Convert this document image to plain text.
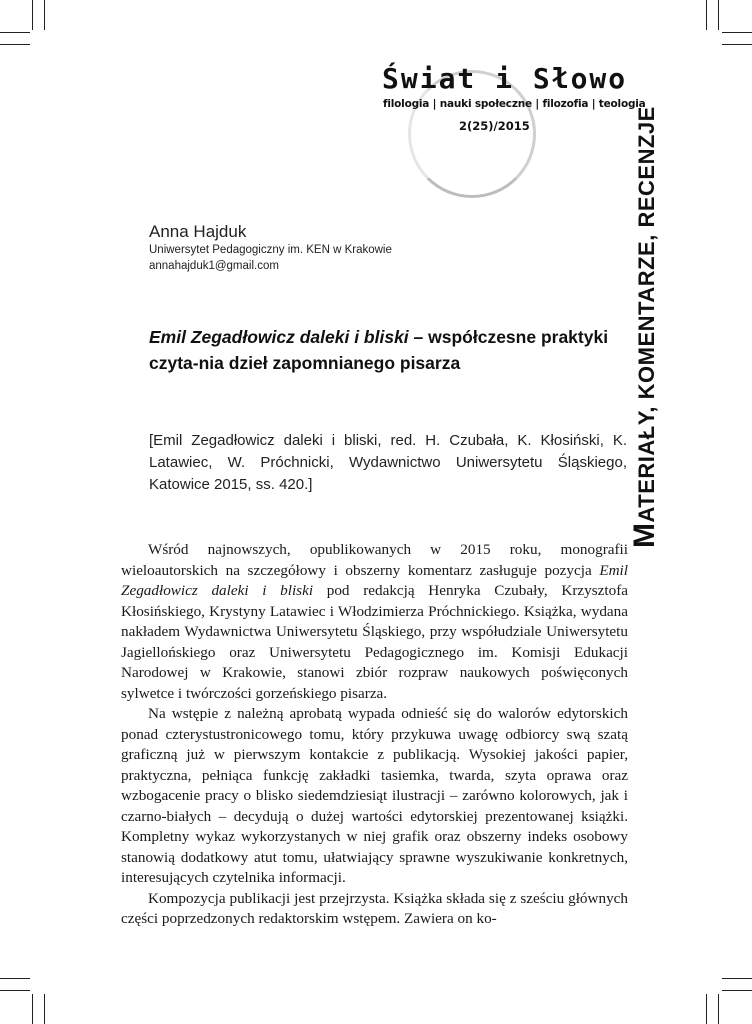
Świat i Słowo
filologia | nauki społeczne | filozofia | teologia
2(25)/2015
MATERIAŁY, KOMENTARZE, RECENZJE
Anna Hajduk
Uniwersytet Pedagogiczny im. KEN w Krakowie
annahajduk1@gmail.com
Emil Zegadłowicz daleki i bliski – współczesne praktyki czyta-nia dzieł zapomnianego pisarza
[Emil Zegadłowicz daleki i bliski, red. H. Czubała, K. Kłosiński, K. Latawiec, W. Próchnicki, Wydawnictwo Uniwersytetu Śląskiego, Katowice 2015, ss. 420.]

Wśród najnowszych, opublikowanych w 2015 roku, monografii wieloautorskich na szczegółowy i obszerny komentarz zasługuje pozycja Emil Zegadłowicz daleki i bliski pod redakcją Henryka Czubały, Krzysztofa Kłosińskiego, Krystyny Latawiec i Włodzimierza Próchnickiego. Książka, wydana nakładem Wydawnictwa Uniwersytetu Śląskiego, przy współudziale Uniwersytetu Jagiellońskiego oraz Uniwersytetu Pedagogicznego im. Komisji Edukacji Narodowej w Krakowie, stanowi zbiór rozpraw naukowych poświęconych sylwetce i twórczości gorzeńskiego pisarza.

Na wstępie z należną aprobatą wypada odnieść się do walorów edytorskich ponad czterystustronicowego tomu, który przykuwa uwagę odbiorcy swą szatą graficzną już w pierwszym kontakcie z publikacją. Wysokiej jakości papier, praktyczna, pełniąca funkcję zakładki tasiemka, twarda, szyta oprawa oraz wzbogacenie pracy o blisko siedemdziesiąt ilustracji – zarówno kolorowych, jak i czarno-białych – decydują o dużej wartości edytorskiej prezentowanej książki. Kompletny wykaz wykorzystanych w niej grafik oraz obszerny indeks osobowy stanowią dodatkowy atut tomu, ułatwiający sprawne wyszukiwanie konkretnych, interesujących czytelnika informacji.

Kompozycja publikacji jest przejrzysta. Książka składa się z sześciu głównych części poprzedzonych redaktorskim wstępem. Zawiera on ko-
